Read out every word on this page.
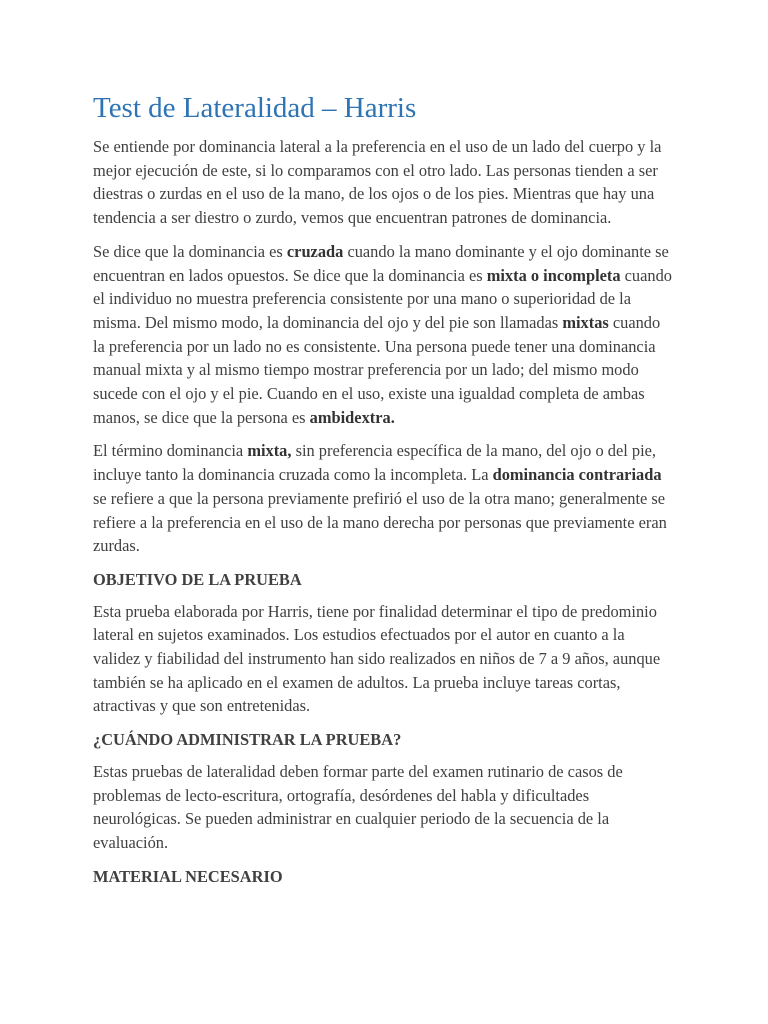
Test de Lateralidad – Harris

Se entiende por dominancia lateral a la preferencia en el uso de un lado del cuerpo y la mejor ejecución de este, si lo comparamos con el otro lado. Las personas tienden a ser diestras o zurdas en el uso de la mano, de los ojos o de los pies. Mientras que hay una tendencia a ser diestro o zurdo, vemos que encuentran patrones de dominancia.

Se dice que la dominancia es cruzada cuando la mano dominante y el ojo dominante se encuentran en lados opuestos. Se dice que la dominancia es mixta o incompleta cuando el individuo no muestra preferencia consistente por una mano o superioridad de la misma. Del mismo modo, la dominancia del ojo y del pie son llamadas mixtas cuando la preferencia por un lado no es consistente. Una persona puede tener una dominancia manual mixta y al mismo tiempo mostrar preferencia por un lado; del mismo modo sucede con el ojo y el pie. Cuando en el uso, existe una igualdad completa de ambas manos, se dice que la persona es ambidextra.

El término dominancia mixta, sin preferencia específica de la mano, del ojo o del pie, incluye tanto la dominancia cruzada como la incompleta. La dominancia contrariada se refiere a que la persona previamente prefirió el uso de la otra mano; generalmente se refiere a la preferencia en el uso de la mano derecha por personas que previamente eran zurdas.

OBJETIVO DE LA PRUEBA

Esta prueba elaborada por Harris, tiene por finalidad determinar el tipo de predominio lateral en sujetos examinados. Los estudios efectuados por el autor en cuanto a la validez y fiabilidad del instrumento han sido realizados en niños de 7 a 9 años, aunque también se ha aplicado en el examen de adultos. La prueba incluye tareas cortas, atractivas y que son entretenidas.

¿CUÁNDO ADMINISTRAR LA PRUEBA?

Estas pruebas de lateralidad deben formar parte del examen rutinario de casos de problemas de lecto-escritura, ortografía, desórdenes del habla y dificultades neurológicas. Se pueden administrar en cualquier periodo de la secuencia de la evaluación.

MATERIAL NECESARIO
